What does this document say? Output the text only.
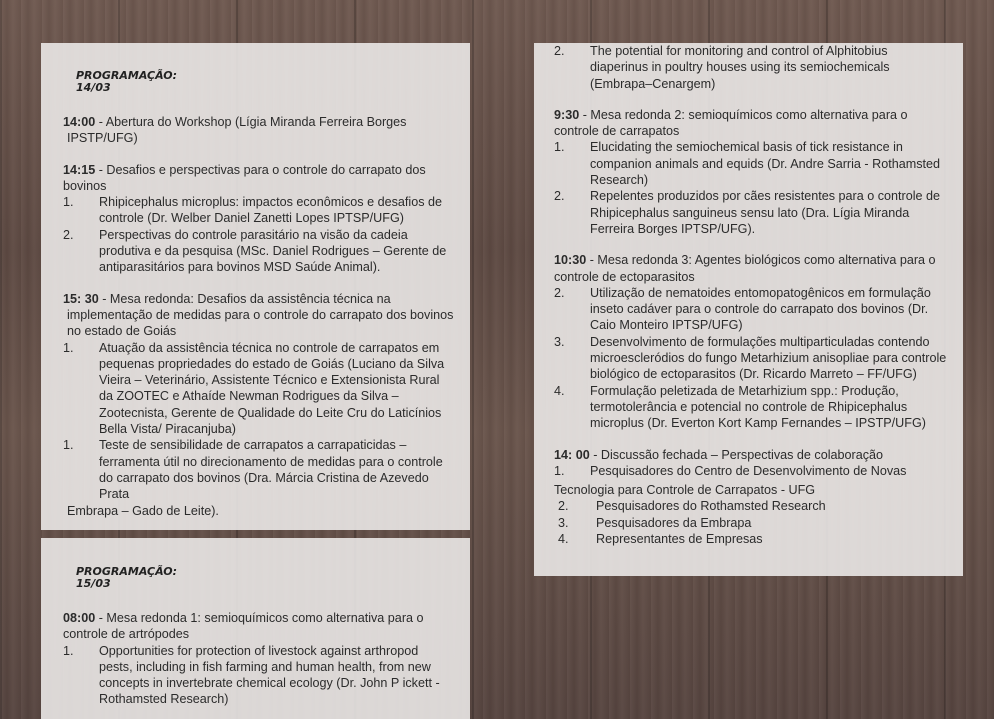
PROGRAMAÇÃO:
14/03

14:00 - Abertura do Workshop (Lígia Miranda Ferreira Borges

IPSTP/UFG)

14:15 - Desafios e perspectivas para o controle do carrapato dos bovinos

1.	Rhipicephalus microplus: impactos econômicos e desafios de controle (Dr. Welber Daniel Zanetti Lopes IPTSP/UFG)
2.	Perspectivas do controle parasitário na visão da cadeia produtiva e da pesquisa (MSc. Daniel Rodrigues – Gerente de antiparasitários para bovinos MSD Saúde Animal).

15: 30 - Mesa redonda: Desafios da assistência técnica na

implementação de medidas para o controle do carrapato dos bovinos no estado de Goiás

1.	Atuação da assistência técnica no controle de carrapatos em pequenas propriedades do estado de Goiás (Luciano da Silva Vieira – Veterinário, Assistente Técnico e Extensionista Rural da ZOOTEC e Athaíde Newman Rodrigues da Silva – Zootecnista, Gerente de Qualidade do Leite Cru do Laticínios Bella Vista/ Piracanjuba)
1.	Teste de sensibilidade de carrapatos a carrapaticidas – ferramenta útil no direcionamento de medidas para o controle do carrapato dos bovinos (Dra. Márcia Cristina de Azevedo Prata

Embrapa – Gado de Leite).

PROGRAMAÇÃO:
15/03

08:00 - Mesa redonda 1: semioquímicos como alternativa para o controle de artrópodes

1.	Opportunities for protection of livestock against arthropod pests, including in fish farming and human health, from new concepts in invertebrate chemical ecology (Dr. John P ickett - Rothamsted Research)
2.	The potential for monitoring and control of Alphitobius diaperinus in poultry houses using its semiochemicals (Embrapa–Cenargem)

9:30 - Mesa redonda 2: semioquímicos como alternativa para o controle de carrapatos

1.	Elucidating the semiochemical basis of tick resistance in companion animals and equids (Dr. Andre Sarria - Rothamsted Research)
2.	Repelentes produzidos por cães resistentes para o controle de Rhipicephalus sanguineus sensu lato (Dra. Lígia Miranda Ferreira Borges IPTSP/UFG).

10:30 - Mesa redonda 3: Agentes biológicos como alternativa para o controle de ectoparasitos

2.	Utilização de nematoides entomopatogênicos em formulação inseto cadáver para o controle do carrapato dos bovinos (Dr. Caio Monteiro IPTSP/UFG)
3.	Desenvolvimento de formulações multiparticuladas contendo microescleródios do fungo Metarhizium anisopliae para controle biológico de ectoparasitos (Dr. Ricardo Marreto – FF/UFG)
4.	Formulação peletizada de Metarhizium spp.: Produção, termotolerância e potencial no controle de Rhipicephalus microplus (Dr. Everton Kort Kamp Fernandes – IPSTP/UFG)

14: 00 - Discussão fechada – Perspectivas de colaboração

1.	Pesquisadores do Centro de Desenvolvimento de Novas

Tecnologia para Controle de Carrapatos - UFG

2.	Pesquisadores do Rothamsted Research
3.	Pesquisadores da Embrapa
4.	Representantes de Empresas
